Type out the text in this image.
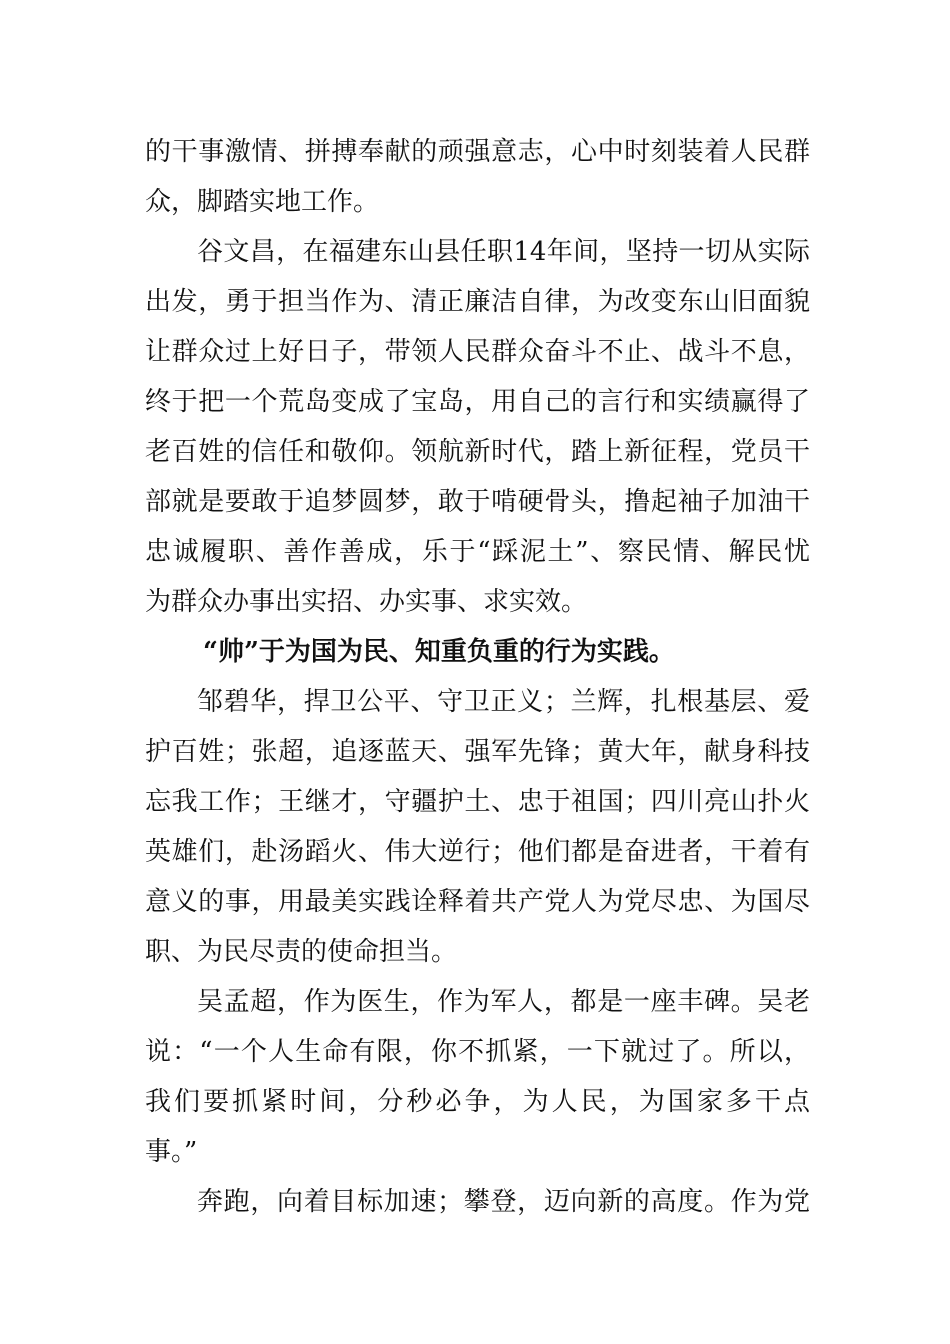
的干事激情、拼搏奉献的顽强意志，心中时刻装着人民群
众，脚踏实地工作。
谷文昌，在福建东山县任职14年间，坚持一切从实际
出发，勇于担当作为、清正廉洁自律，为改变东山旧面貌
让群众过上好日子，带领人民群众奋斗不止、战斗不息，
终于把一个荒岛变成了宝岛，用自己的言行和实绩赢得了
老百姓的信任和敬仰。领航新时代，踏上新征程，党员干
部就是要敢于追梦圆梦，敢于啃硬骨头，撸起袖子加油干
忠诚履职、善作善成，乐于“踩泥土”、察民情、解民忧
为群众办事出实招、办实事、求实效。
“帅”于为国为民、知重负重的行为实践。
邹碧华，捍卫公平、守卫正义；兰辉，扎根基层、爱
护百姓；张超，追逐蓝天、强军先锋；黄大年，献身科技
忘我工作；王继才，守疆护土、忠于祖国；四川亮山扑火
英雄们，赴汤蹈火、伟大逆行；他们都是奋进者，干着有
意义的事，用最美实践诠释着共产党人为党尽忠、为国尽
职、为民尽责的使命担当。
吴孟超，作为医生，作为军人，都是一座丰碑。吴老
说：“一个人生命有限，你不抓紧，一下就过了。所以，
我们要抓紧时间，分秒必争，为人民，为国家多干点
事。”
奔跑，向着目标加速；攀登，迈向新的高度。作为党
